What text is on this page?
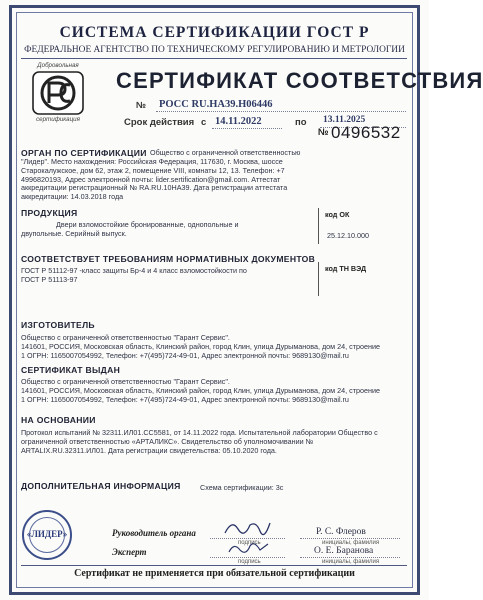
СИСТЕМА СЕРТИФИКАЦИИ ГОСТ Р
ФЕДЕРАЛЬНОЕ АГЕНТСТВО ПО ТЕХНИЧЕСКОМУ РЕГУЛИРОВАНИЮ И МЕТРОЛОГИИ
Добровольная
сертификация
СЕРТИФИКАТ СООТВЕТСТВИЯ
№ РОСС RU.НА39.Н06446
Срок действия с 14.11.2022	по 13.11.2025
№ 0496532
ОРГАН ПО СЕРТИФИКАЦИИ Общество с ограниченной ответственностью
"Лидер". Место нахождения: Российская Федерация, 117630, г. Москва, шоссе
Старокалужское, дом 62, этаж 2, помещение VIII, комнаты 12, 13. Телефон: +7
4996820193, Адрес электронной почты: lider.sertification@gmail.com. Аттестат
аккредитации регистрационный № RA.RU.10НА39. Дата регистрации аттестата
аккредитации: 14.03.2018 года
ПРОДУКЦИЯ
Двери взломостойкие бронированные, однопольные и
двупольные. Серийный выпуск.
код ОК
25.12.10.000
СООТВЕТСТВУЕТ ТРЕБОВАНИЯМ НОРМАТИВНЫХ ДОКУМЕНТОВ
ГОСТ Р 51112-97 -класс защиты Бр-4 и 4 класс взломостойкости по
ГОСТ Р 51113-97
код ТН ВЭД
ИЗГОТОВИТЕЛЬ
Общество с ограниченной ответственностью "Гарант Сервис".
141601, РОССИЯ, Московская область, Клинский район, город Клин, улица Дурыманова, дом 24, строение
1 ОГРН: 1165007054992, Телефон: +7(495)724-49-01, Адрес электронной почты: 9689130@mail.ru
СЕРТИФИКАТ ВЫДАН
Общество с ограниченной ответственностью "Гарант Сервис".
141601, РОССИЯ, Московская область, Клинский район, город Клин, улица Дурыманова, дом 24, строение
1 ОГРН: 1165007054992, Телефон: +7(495)724-49-01, Адрес электронной почты: 9689130@mail.ru
НА ОСНОВАНИИ
Протокол испытаний № 32311.ИЛ01.СС5581, от 14.11.2022 года. Испытательной лаборатории Общество с
ограниченной ответственностью «АРТАЛИКС». Свидетельство об уполномочивании №
ARTALIX.RU.32311.ИЛ01. Дата регистрации свидетельства: 05.10.2020 года.
ДОПОЛНИТЕЛЬНАЯ ИНФОРМАЦИЯ	Схема сертификации: 3с
«ЛИДЕР»	Руководитель органа
подпись
Р. С. Флеров
инициалы, фамилия
Эксперт
подпись
О. Е. Баранова
инициалы, фамилия
Сертификат не применяется при обязательной сертификации
